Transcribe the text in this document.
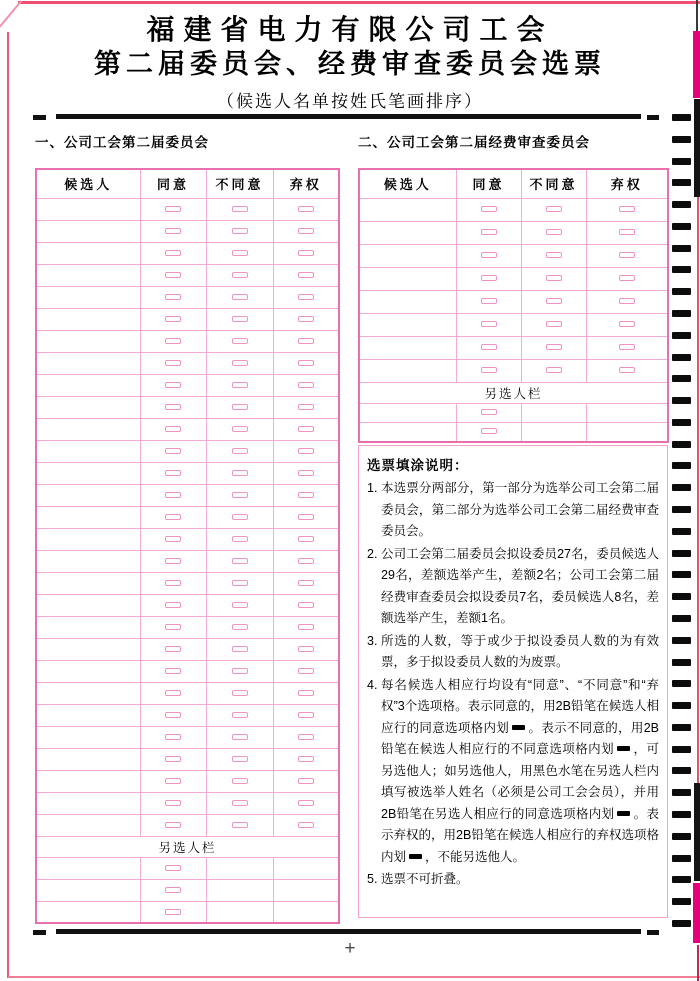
福建省电力有限公司工会
第二届委员会、经费审查委员会选票
（候选人名单按姓氏笔画排序）
一、公司工会第二届委员会
候选人	同意	不同意	弃权

另选人栏			

二、公司工会第二届经费审查委员会
候选人	同意	不同意	弃权

另选人栏			

选票填涂说明：
1. 本选票分两部分，第一部分为选举公司工会第二届委员会，第二部分为选举公司工会第二届经费审查委员会。
2. 公司工会第二届委员会拟设委员27名，委员候选人29名，差额选举产生，差额2名；公司工会第二届经费审查委员会拟设委员7名，委员候选人8名，差额选举产生，差额1名。
3. 所选的人数，等于或少于拟设委员人数的为有效票，多于拟设委员人数的为废票。
4. 每名候选人相应行均设有“同意”、“不同意”和“弃权”3个选项格。表示同意的，用2B铅笔在候选人相应行的同意选项格内划 。表示不同意的，用2B铅笔在候选人相应行的不同意选项格内划 ，可另选他人；如另选他人，用黑色水笔在另选人栏内填写被选举人姓名（必须是公司工会会员），并用2B铅笔在另选人相应行的同意选项格内划 。表示弃权的，用2B铅笔在候选人相应行的弃权选项格内划 ，不能另选他人。
5. 选票不可折叠。
+
